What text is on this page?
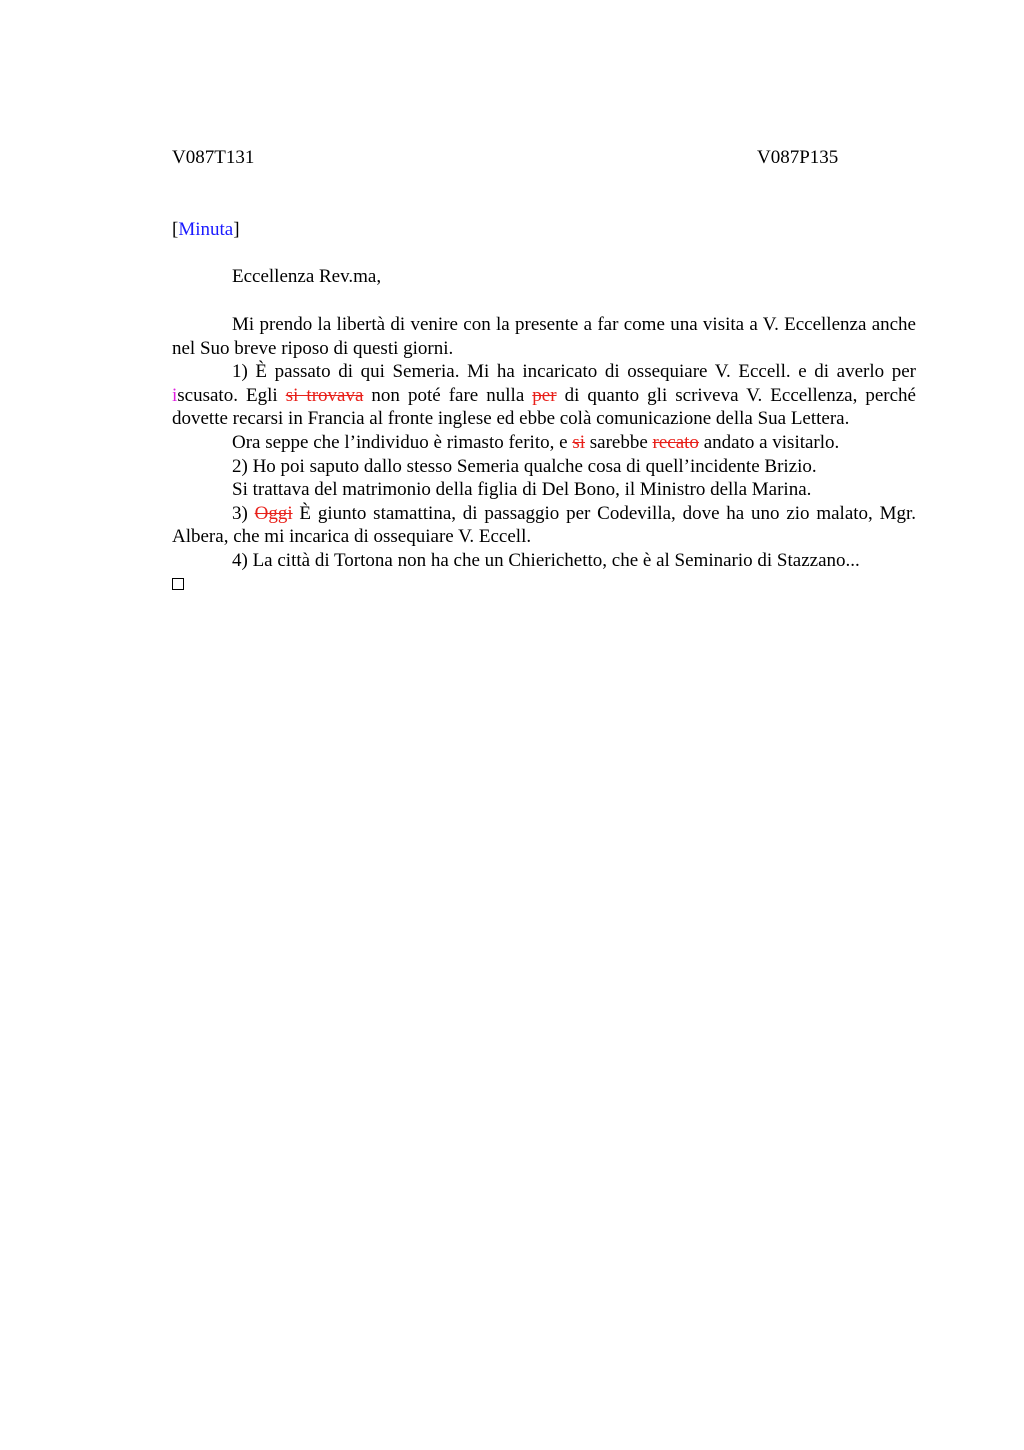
V087T131	V087P135
[Minuta]
Eccellenza Rev.ma,

Mi prendo la libertà di venire con la presente a far come una visita a V. Eccellenza anche nel Suo breve riposo di questi giorni.

1) È passato di qui Semeria. Mi ha incaricato di ossequiare V. Eccell. e di averlo per iscusato. Egli si trovava non poté fare nulla per di quanto gli scriveva V. Eccellenza, perché dovette recarsi in Francia al fronte inglese ed ebbe colà comunicazione della Sua Lettera.

Ora seppe che l’individuo è rimasto ferito, e si sarebbe recato andato a visitarlo.

2) Ho poi saputo dallo stesso Semeria qualche cosa di quell’incidente Brizio.

Si trattava del matrimonio della figlia di Del Bono, il Ministro della Marina.

3) Oggi È giunto stamattina, di passaggio per Codevilla, dove ha uno zio malato, Mgr. Albera, che mi incarica di ossequiare V. Eccell.

4) La città di Tortona non ha che un Chierichetto, che è al Seminario di Stazzano...
